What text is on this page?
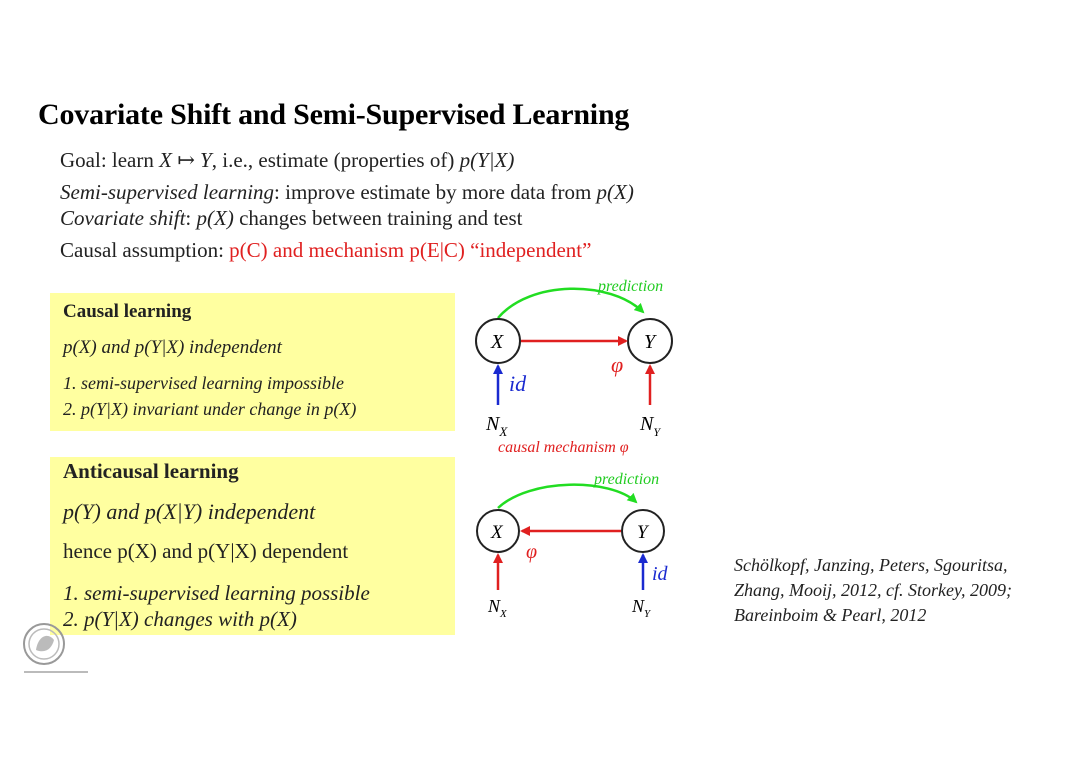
Covariate Shift and Semi-Supervised Learning
Goal: learn X ↦ Y, i.e., estimate (properties of) p(Y|X)
Semi-supervised learning: improve estimate by more data from p(X)
Covariate shift: p(X) changes between training and test
Causal assumption: p(C) and mechanism p(E|C) “independent”
Causal learning
p(X) and p(Y|X) independent
1. semi-supervised learning impossible
2. p(Y|X) invariant under change in p(X)
Anticausal learning
p(Y) and p(X|Y) independent
hence p(X) and p(Y|X) dependent
1. semi-supervised learning possible
2. p(Y|X) changes with p(X)
prediction
X	Y
φ
id
$N_X$	$N_Y$
causal mechanism φ
prediction
X	Y
φ
id
$N_X$	$N_Y$
Schölkopf, Janzing, Peters, Sgouritsa,
Zhang, Mooij, 2012, cf. Storkey, 2009;
Bareinboim & Pearl, 2012
